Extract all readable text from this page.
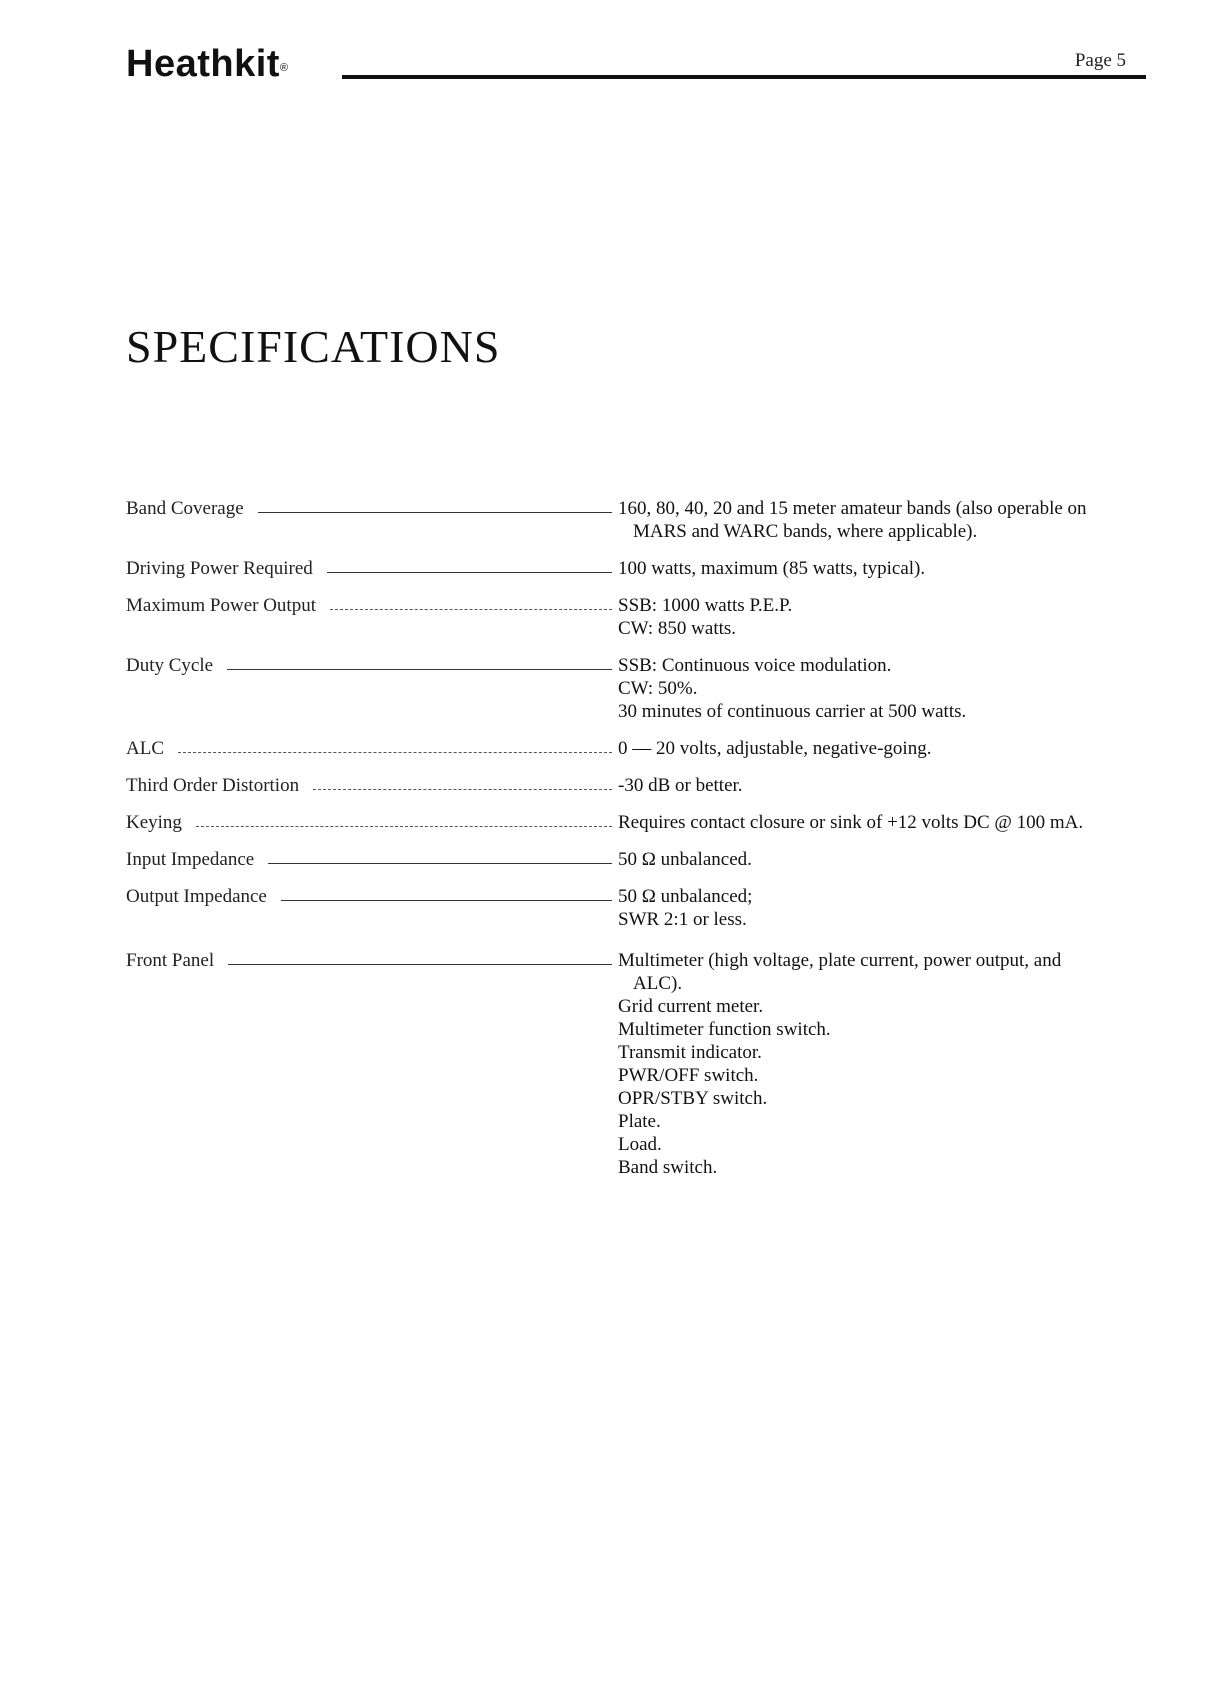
Heathkit®	Page 5
SPECIFICATIONS
Band Coverage	160, 80, 40, 20 and 15 meter amateur bands (also operable on MARS and WARC bands, where applicable).
Driving Power Required	100 watts, maximum (85 watts, typical).
Maximum Power Output	SSB: 1000 watts P.E.P.
CW: 850 watts.
Duty Cycle	SSB: Continuous voice modulation.
CW: 50%.
30 minutes of continuous carrier at 500 watts.
ALC	0 — 20 volts, adjustable, negative-going.
Third Order Distortion	-30 dB or better.
Keying	Requires contact closure or sink of +12 volts DC @ 100 mA.
Input Impedance	50 Ω unbalanced.
Output Impedance	50 Ω unbalanced;
SWR 2:1 or less.
Front Panel	Multimeter (high voltage, plate current, power output, and ALC).
Grid current meter.
Multimeter function switch.
Transmit indicator.
PWR/OFF switch.
OPR/STBY switch.
Plate.
Load.
Band switch.
